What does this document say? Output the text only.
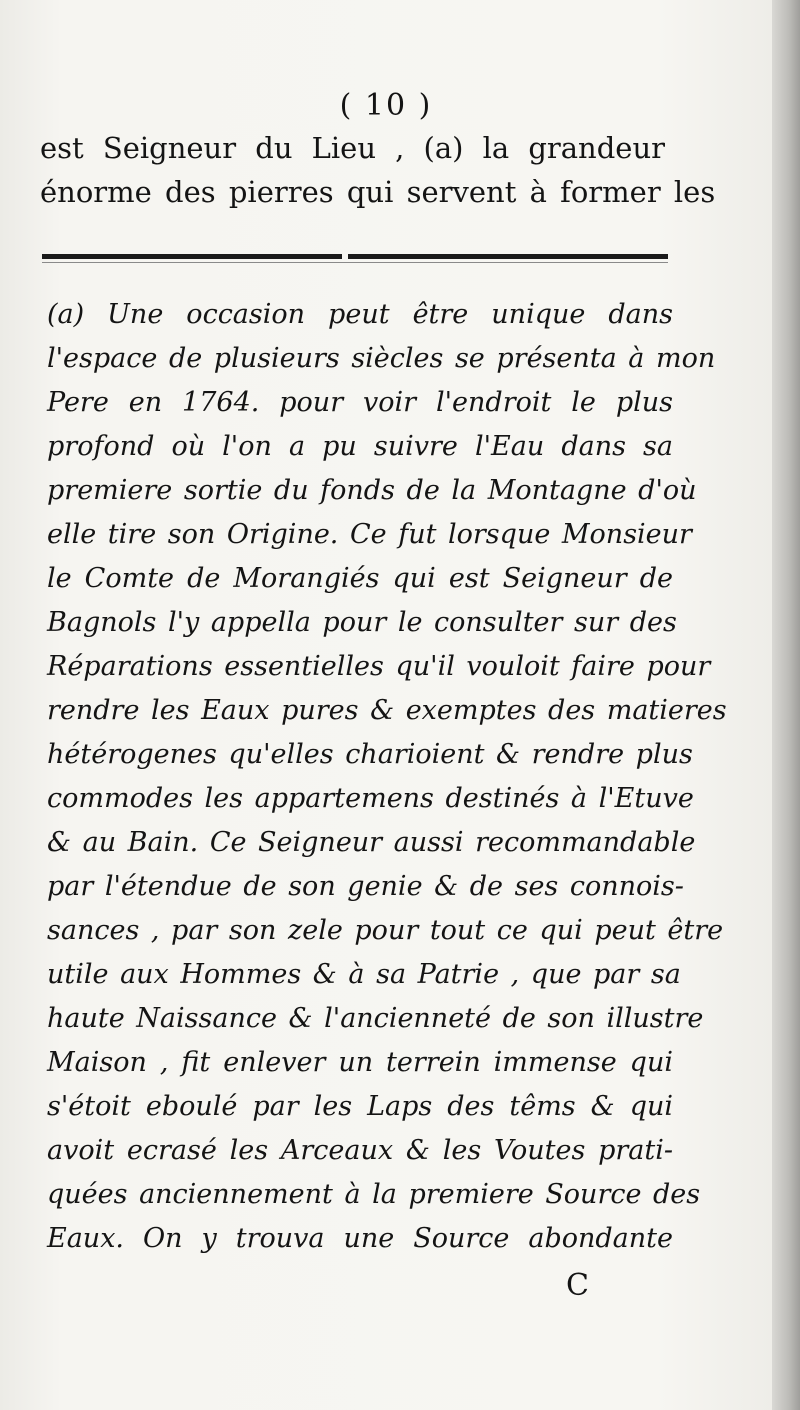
( 10 )
est Seigneur du Lieu , (a) la grandeur
énorme des pierres qui servent à former les
(a) Une occasion peut être unique dans
l'espace de plusieurs siècles se présenta à mon
Pere en 1764. pour voir l'endroit le plus
profond où l'on a pu suivre l'Eau dans sa
premiere sortie du fonds de la Montagne d'où
elle tire son Origine. Ce fut lorsque Monsieur
le Comte de Morangiés qui est Seigneur de
Bagnols l'y appella pour le consulter sur des
Réparations essentielles qu'il vouloit faire pour
rendre les Eaux pures & exemptes des matieres
hétérogenes qu'elles charioient & rendre plus
commodes les appartemens destinés à l'Etuve
& au Bain. Ce Seigneur aussi recommandable
par l'étendue de son genie & de ses connois-
sances , par son zele pour tout ce qui peut être
utile aux Hommes & à sa Patrie , que par sa
haute Naissance & l'ancienneté de son illustre
Maison , fit enlever un terrein immense qui
s'étoit eboulé par les Laps des têms & qui
avoit ecrasé les Arceaux & les Voutes prati-
quées anciennement à la premiere Source des
Eaux. On y trouva une Source abondante
C
